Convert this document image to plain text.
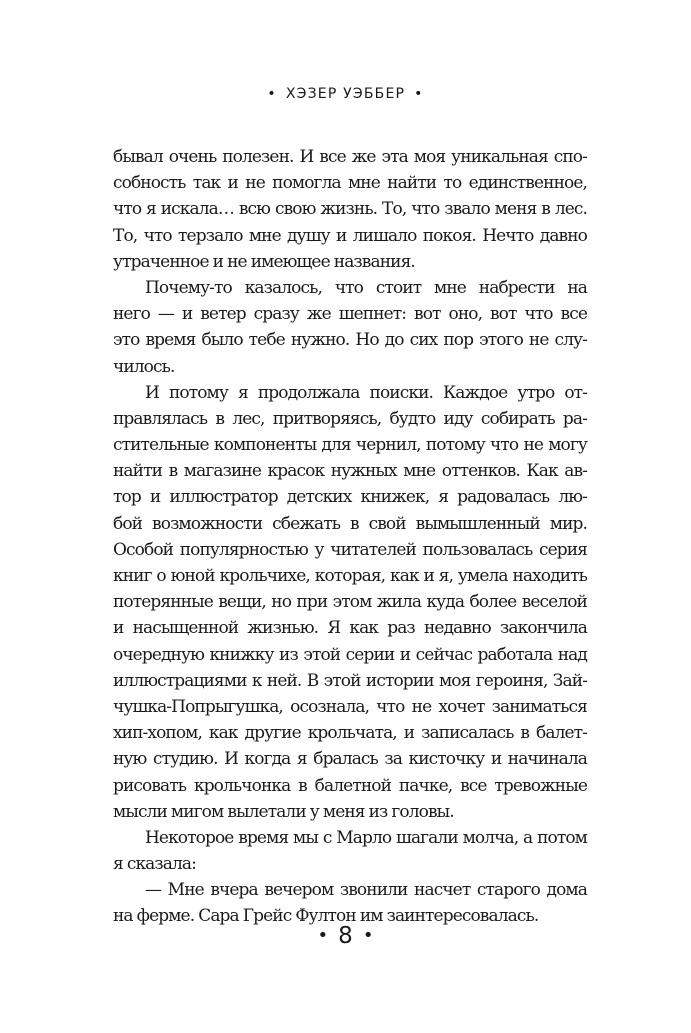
• ХЭЗЕР УЭББЕР •
бывал очень полезен. И все же эта моя уникальная спо-
собность так и не помогла мне найти то единственное,
что я искала… всю свою жизнь. То, что звало меня в лес.
То, что терзало мне душу и лишало покоя. Нечто давно
утраченное и не имеющее названия.
Почему-то казалось, что стоит мне набрести на
него — и ветер сразу же шепнет: вот оно, вот что все
это время было тебе нужно. Но до сих пор этого не слу-
чилось.
И потому я продолжала поиски. Каждое утро от-
правлялась в лес, притворяясь, будто иду собирать ра-
стительные компоненты для чернил, потому что не могу
найти в магазине красок нужных мне оттенков. Как ав-
тор и иллюстратор детских книжек, я радовалась лю-
бой возможности сбежать в свой вымышленный мир.
Особой популярностью у читателей пользовалась серия
книг о юной крольчихе, которая, как и я, умела находить
потерянные вещи, но при этом жила куда более веселой
и насыщенной жизнью. Я как раз недавно закончила
очередную книжку из этой серии и сейчас работала над
иллюстрациями к ней. В этой истории моя героиня, Зай-
чушка-Попрыгушка, осознала, что не хочет заниматься
хип-хопом, как другие крольчата, и записалась в балет-
ную студию. И когда я бралась за кисточку и начинала
рисовать крольчонка в балетной пачке, все тревожные
мысли мигом вылетали у меня из головы.
Некоторое время мы с Марло шагали молча, а потом
я сказала:
— Мне вчера вечером звонили насчет старого дома
на ферме. Сара Грейс Фултон им заинтересовалась.
• 8 •
